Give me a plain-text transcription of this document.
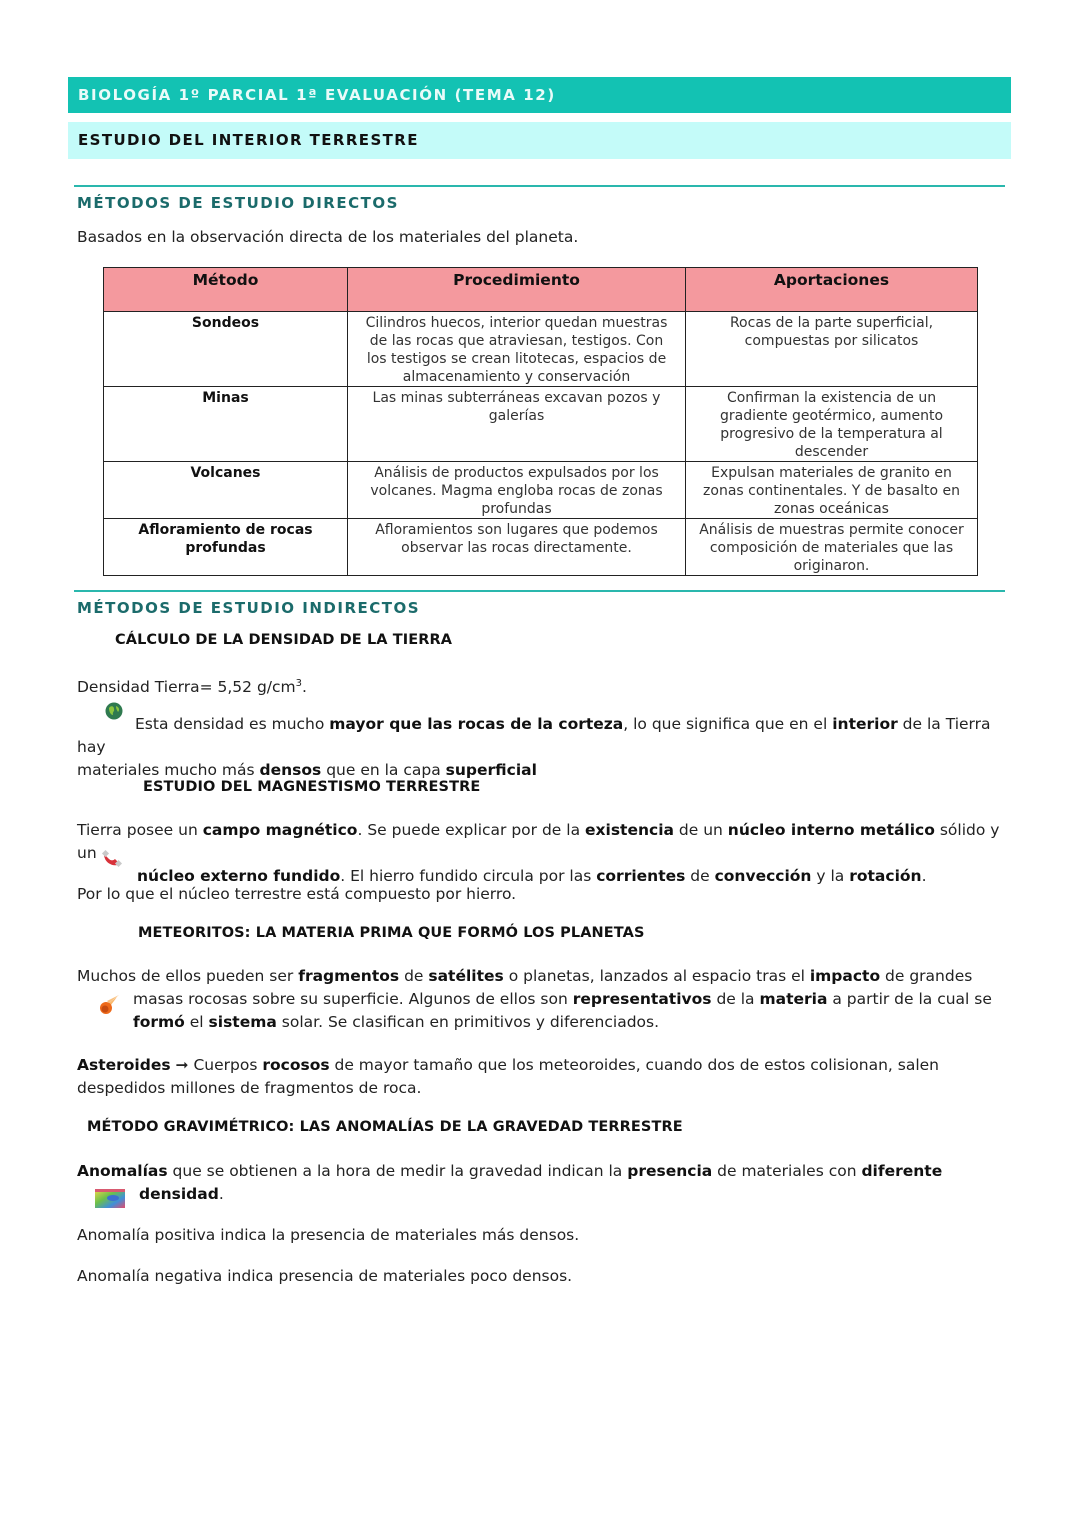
BIOLOGÍA 1º PARCIAL 1ª EVALUACIÓN (TEMA 12)
ESTUDIO DEL INTERIOR TERRESTRE
MÉTODOS DE ESTUDIO DIRECTOS
Basados en la observación directa de los materiales del planeta.
Método	Procedimiento	Aportaciones
Sondeos	Cilindros huecos, interior quedan muestras de las rocas que atraviesan, testigos. Con los testigos se crean litotecas, espacios de almacenamiento y conservación	Rocas de la parte superficial, compuestas por silicatos
Minas	Las minas subterráneas excavan pozos y galerías	Confirman la existencia de un gradiente geotérmico, aumento progresivo de la temperatura al descender
Volcanes	Análisis de productos expulsados por los volcanes. Magma engloba rocas de zonas profundas	Expulsan materiales de granito en zonas continentales. Y de basalto en zonas oceánicas
Afloramiento de rocas profundas	Afloramientos son lugares que podemos observar las rocas directamente.	Análisis de muestras permite conocer composición de materiales que las originaron.
MÉTODOS DE ESTUDIO INDIRECTOS
CÁLCULO DE LA DENSIDAD DE LA TIERRA
Densidad Tierra= 5,52 $g/cm^3$.
Esta densidad es mucho mayor que las rocas de la corteza, lo que significa que en el interior de la Tierra hay
materiales mucho más densos que en la capa superficial
ESTUDIO DEL MAGNESTISMO TERRESTRE
Tierra posee un campo magnético. Se puede explicar por de la existencia de un núcleo interno metálico sólido y un
núcleo externo fundido. El hierro fundido circula por las corrientes de convección y la rotación.
Por lo que el núcleo terrestre está compuesto por hierro.
METEORITOS: LA MATERIA PRIMA QUE FORMÓ LOS PLANETAS
Muchos de ellos pueden ser fragmentos de satélites o planetas, lanzados al espacio tras el impacto de grandes
masas rocosas sobre su superficie. Algunos de ellos son representativos de la materia a partir de la cual se
formó el sistema solar. Se clasifican en primitivos y diferenciados.
Asteroides ➞ Cuerpos rocosos de mayor tamaño que los meteoroides, cuando dos de estos colisionan, salen
despedidos millones de fragmentos de roca.
MÉTODO GRAVIMÉTRICO: LAS ANOMALÍAS DE LA GRAVEDAD TERRESTRE
Anomalías que se obtienen a la hora de medir la gravedad indican la presencia de materiales con diferente
densidad.
Anomalía positiva indica la presencia de materiales más densos.
Anomalía negativa indica presencia de materiales poco densos.
